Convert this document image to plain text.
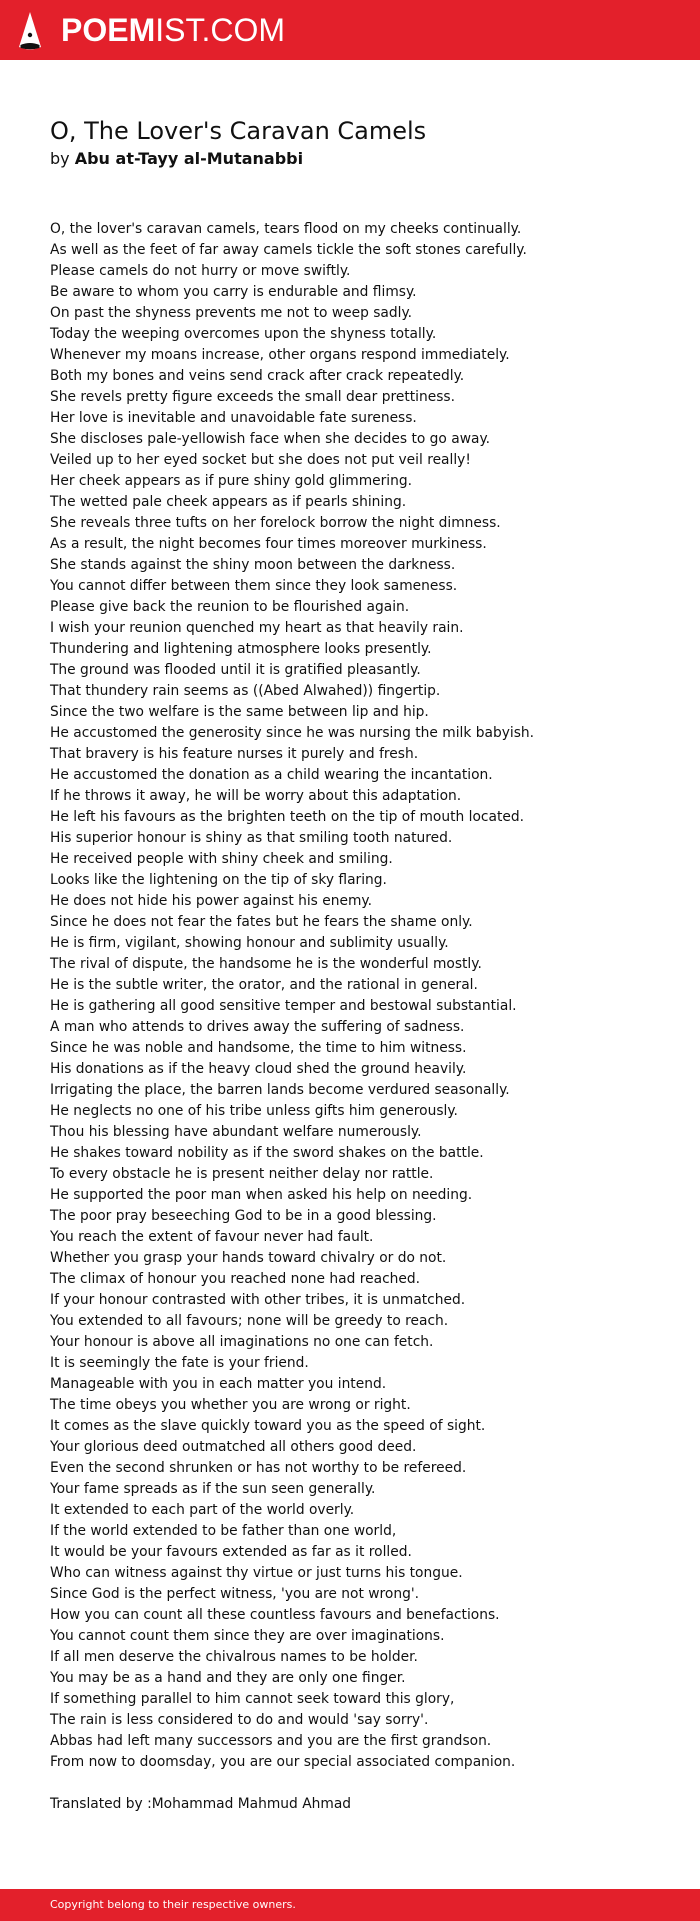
POEMIST.COM
O, The Lover's Caravan Camels
by Abu at-Tayy al-Mutanabbi
O, the lover's caravan camels, tears flood on my cheeks continually.
As well as the feet of far away camels tickle the soft stones carefully.
Please camels do not hurry or move swiftly.
Be aware to whom you carry is endurable and flimsy.
On past the shyness prevents me not to weep sadly.
Today the weeping overcomes upon the shyness totally.
Whenever my moans increase, other organs respond immediately.
Both my bones and veins send crack after crack repeatedly.
She revels pretty figure exceeds the small dear prettiness.
Her love is inevitable and unavoidable fate sureness.
She discloses pale-yellowish face when she decides to go away.
Veiled up to her eyed socket but she does not put veil really!
Her cheek appears as if pure shiny gold glimmering.
The wetted pale cheek appears as if pearls shining.
She reveals three tufts on her forelock borrow the night dimness.
As a result, the night becomes four times moreover murkiness.
She stands against the shiny moon between the darkness.
You cannot differ between them since they look sameness.
Please give back the reunion to be flourished again.
I wish your reunion quenched my heart as that heavily rain.
Thundering and lightening atmosphere looks presently.
The ground was flooded until it is gratified pleasantly.
That thundery rain seems as ((Abed Alwahed)) fingertip.
Since the two welfare is the same between lip and hip.
He accustomed the generosity since he was nursing the milk babyish.
That bravery is his feature nurses it purely and fresh.
He accustomed the donation as a child wearing the incantation.
If he throws it away, he will be worry about this adaptation.
He left his favours as the brighten teeth on the tip of mouth located.
His superior honour is shiny as that smiling tooth natured.
He received people with shiny cheek and smiling.
Looks like the lightening on the tip of sky flaring.
He does not hide his power against his enemy.
Since he does not fear the fates but he fears the shame only.
He is firm, vigilant, showing honour and sublimity usually.
The rival of dispute, the handsome he is the wonderful mostly.
He is the subtle writer, the orator, and the rational in general.
He is gathering all good sensitive temper and bestowal substantial.
A man who attends to drives away the suffering of sadness.
Since he was noble and handsome, the time to him witness.
His donations as if the heavy cloud shed the ground heavily.
Irrigating the place, the barren lands become verdured seasonally.
He neglects no one of his tribe unless gifts him generously.
Thou his blessing have abundant welfare numerously.
He shakes toward nobility as if the sword shakes on the battle.
To every obstacle he is present neither delay nor rattle.
He supported the poor man when asked his help on needing.
The poor pray beseeching God to be in a good blessing.
You reach the extent of favour never had fault.
Whether you grasp your hands toward chivalry or do not.
The climax of honour you reached none had reached.
If your honour contrasted with other tribes, it is unmatched.
You extended to all favours; none will be greedy to reach.
Your honour is above all imaginations no one can fetch.
It is seemingly the fate is your friend.
Manageable with you in each matter you intend.
The time obeys you whether you are wrong or right.
It comes as the slave quickly toward you as the speed of sight.
Your glorious deed outmatched all others good deed.
Even the second shrunken or has not worthy to be refereed.
Your fame spreads as if the sun seen generally.
It extended to each part of the world overly.
If the world extended to be father than one world,
It would be your favours extended as far as it rolled.
Who can witness against thy virtue or just turns his tongue.
Since God is the perfect witness, 'you are not wrong'.
How you can count all these countless favours and benefactions.
You cannot count them since they are over imaginations.
If all men deserve the chivalrous names to be holder.
You may be as a hand and they are only one finger.
If something parallel to him cannot seek toward this glory,
The rain is less considered to do and would 'say sorry'.
Abbas had left many successors and you are the first grandson.
From now to doomsday, you are our special associated companion.
Translated by :Mohammad Mahmud Ahmad
Copyright belong to their respective owners.
